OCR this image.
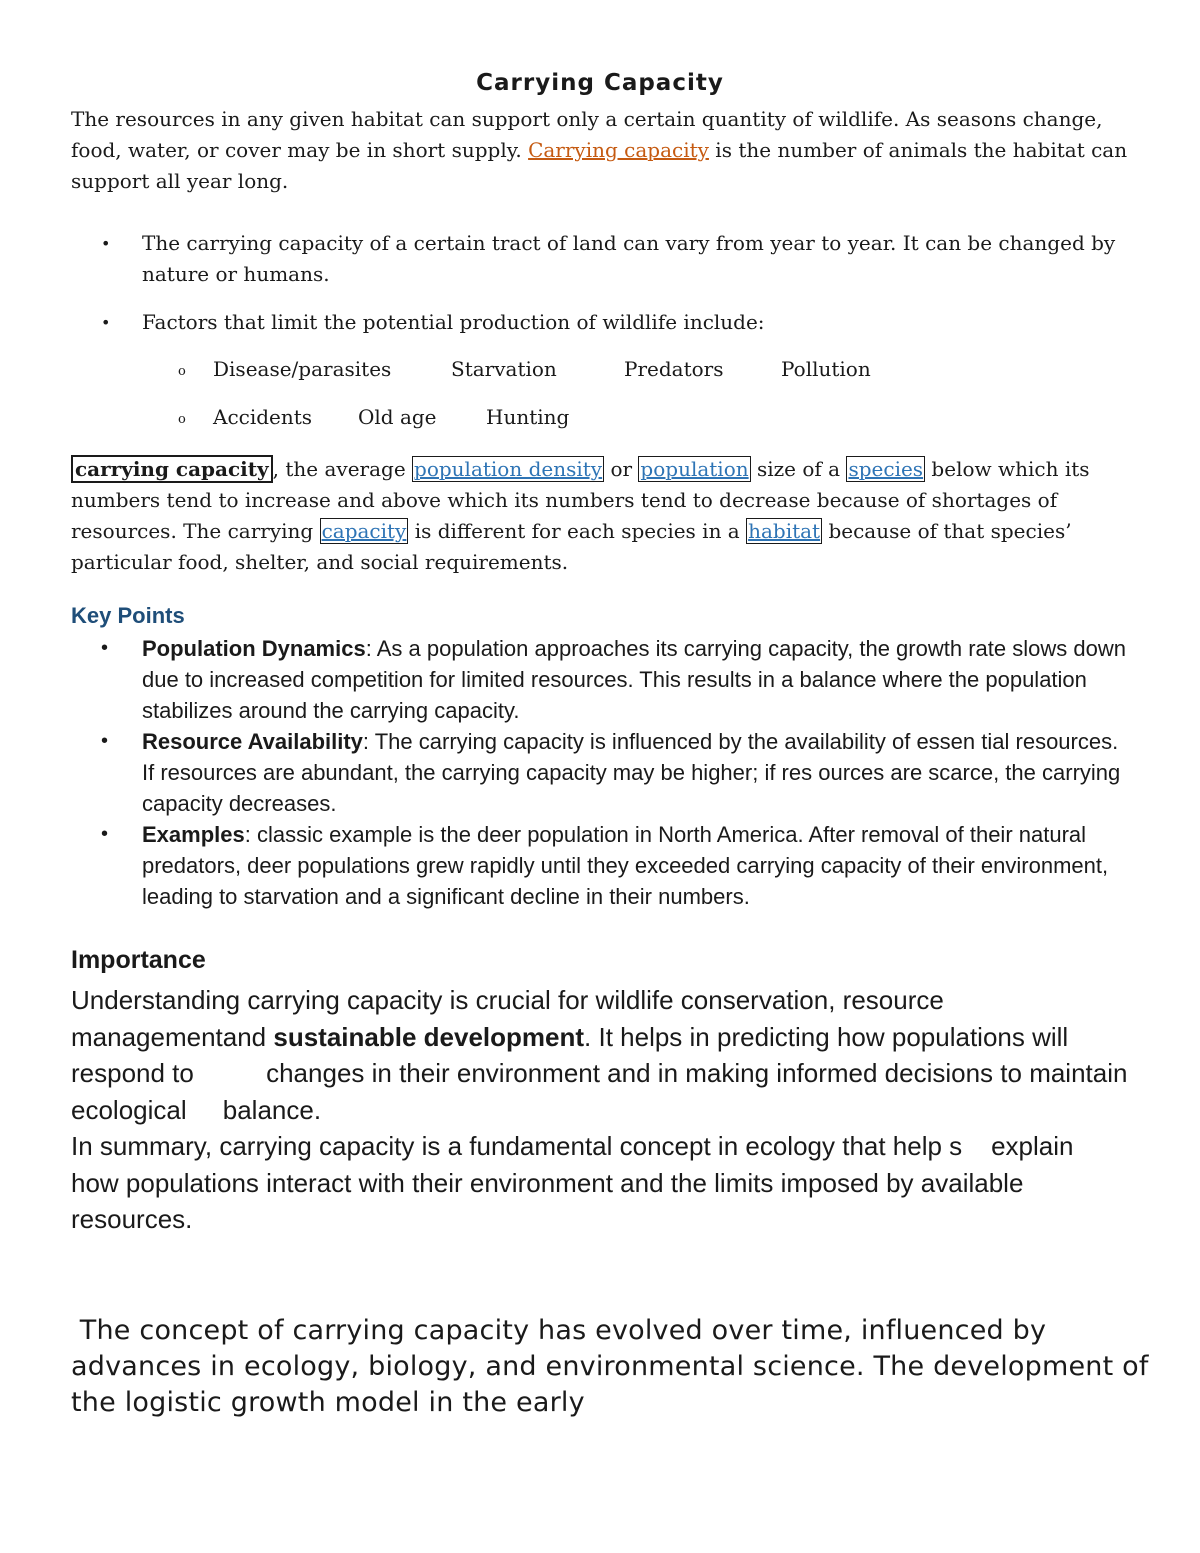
Carrying Capacity

The resources in any given habitat can support only a certain quantity of wildlife. As seasons change, food, water, or cover may be in short supply. Carrying capacity is the number of animals the habitat can support all year long.

• The carrying capacity of a certain tract of land can vary from year to year. It can be changed by nature or humans.
• Factors that limit the potential production of wildlife include:
o Disease/parasites	Starvation	Predators	Pollution
o Accidents Old age Hunting

carrying capacity , the average population density or population size of a species below which its numbers tend to increase and above which its numbers tend to decrease because of shortages of resources. The carrying capacity is different for each species in a habitat because of that species’ particular food, shelter, and social requirements.

Key Points
• Population Dynamics: As a population approaches its carrying capacity, the growth rate slows down due to increased competition for limited resources. This results in a balance where the population stabilizes around the carrying capacity.
• Resource Availability: The carrying capacity is influenced by the availability of essen tial resources. If resources are abundant, the carrying capacity may be higher; if res ources are scarce, the carrying capacity decreases.
• Examples: classic example is the deer population in North America. After removal of their natural predators, deer populations grew rapidly until they exceeded carrying capacity of their environment, leading to starvation and a significant decline in their numbers.
Importance
Understanding carrying capacity is crucial for wildlife conservation, resource managementand sustainable development. It helps in predicting how populations will respond to          changes in their environment and in making informed decisions to maintain ecological     balance.
In summary, carrying capacity is a fundamental concept in ecology that help s    explain
how populations interact with their environment and the limits imposed by available resources.

The concept of carrying capacity has evolved over time, influenced by advances in ecology, biology, and environmental science. The development of the logistic growth model in the early
